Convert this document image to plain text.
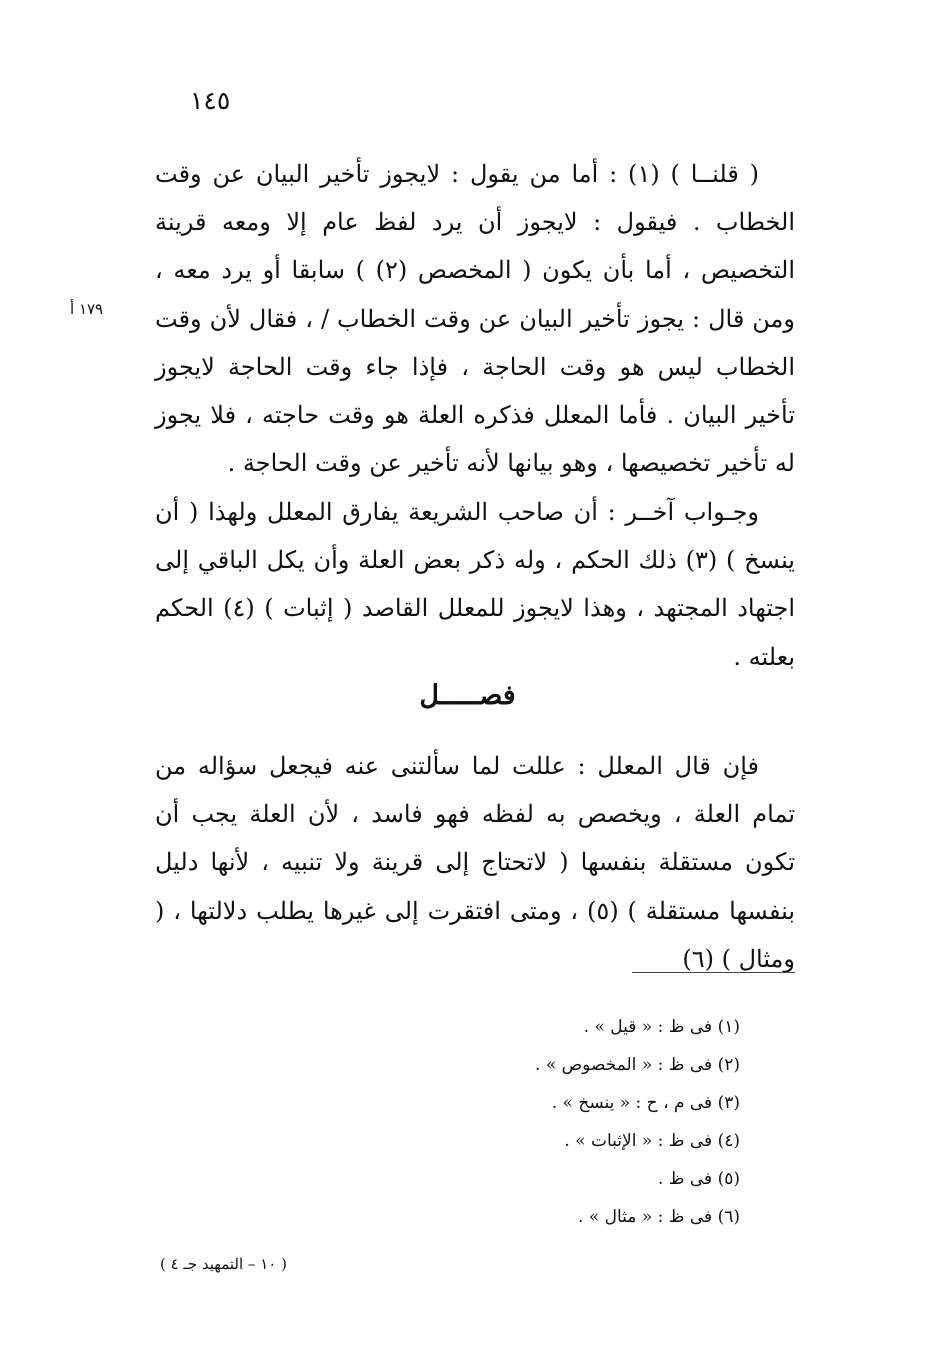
١٤٥
١٧٩ أ

( قلنــا ) (١) : أما من يقول : لايجوز تأخير البيان عن وقت الخطاب . فيقول : لايجوز أن يرد لفظ عام إلا ومعه قرينة التخصيص ، أما بأن يكون ( المخصص (٢) ) سابقا أو يرد معه ، ومن قال : يجوز تأخير البيان عن وقت الخطاب / ، فقال لأن وقت الخطاب ليس هو وقت الحاجة ، فإذا جاء وقت الحاجة لايجوز تأخير البيان . فأما المعلل فذكره العلة هو وقت حاجته ، فلا يجوز له تأخير تخصيصها ، وهو بيانها لأنه تأخير عن وقت الحاجة .

وجـواب آخــر : أن صاحب الشريعة يفارق المعلل ولهذا ( أن ينسخ ) (٣) ذلك الحكم ، وله ذكر بعض العلة وأن يكل الباقي إلى اجتهاد المجتهد ، وهذا لايجوز للمعلل القاصد ( إثبات ) (٤) الحكم بعلته .

فصـــــل

فإن قال المعلل : عللت لما سألتنى عنه فيجعل سؤاله من تمام العلة ، ويخصص به لفظه فهو فاسد ، لأن العلة يجب أن تكون مستقلة بنفسها ( لاتحتاج إلى قرينة ولا تنبيه ، لأنها دليل بنفسها مستقلة ) (٥) ، ومتى افتقرت إلى غيرها يطلب دلالتها ، ( ومثال ) (٦)

(١) فى ظ : « قيل » .
(٢) فى ظ : « المخصوص » .
(٣) فى م ، ح : « ينسخ » .
(٤) فى ظ : « الإثبات » .
(٥) فى ظ .
(٦) فى ظ : « مثال » .
( ١٠ – التمهيد جـ ٤ )
